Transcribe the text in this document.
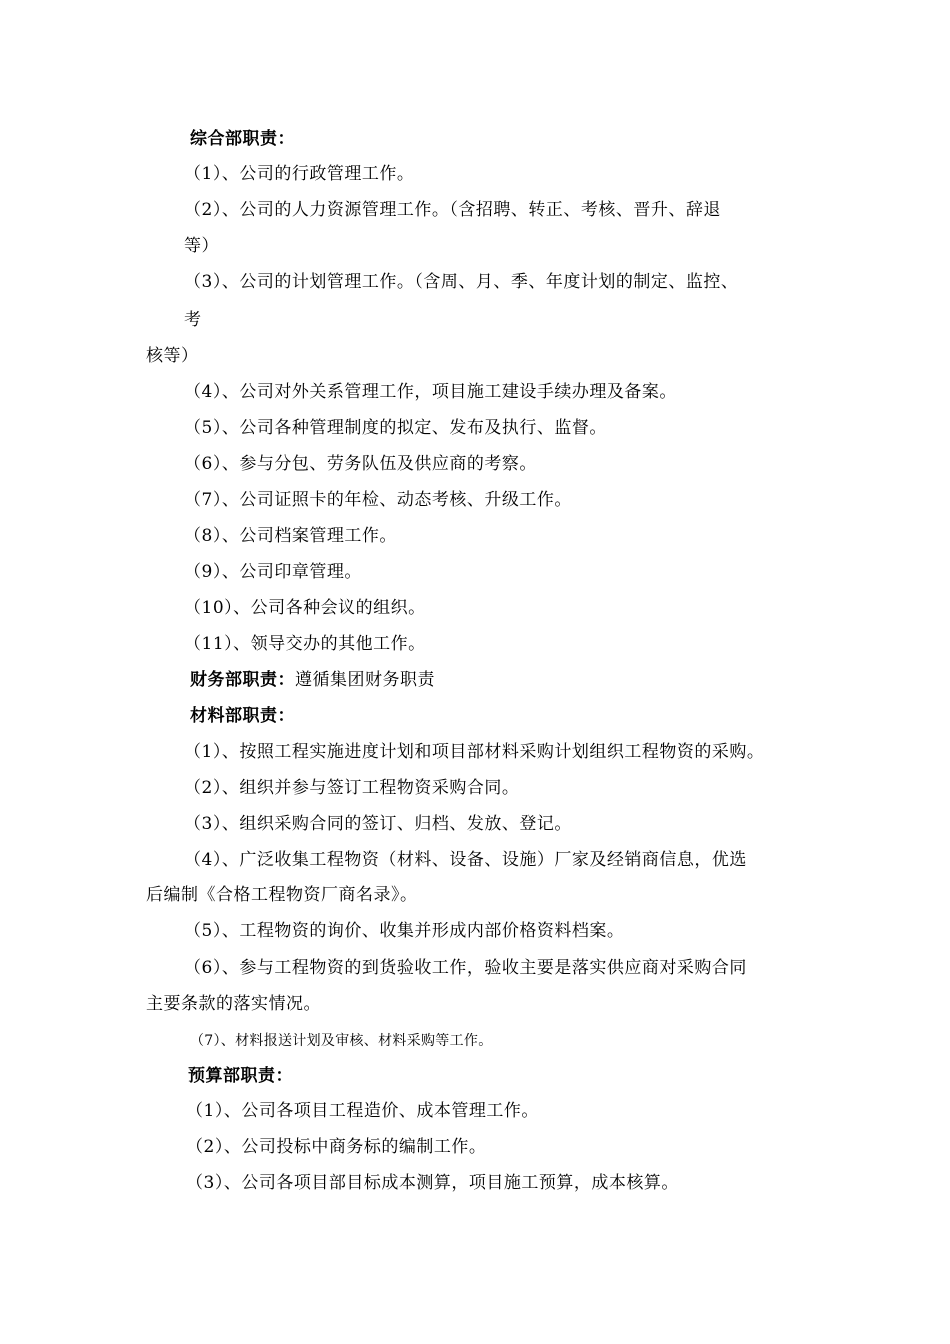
综合部职责：
（1）、公司的行政管理工作。
（2）、公司的人力资源管理工作。（含招聘、转正、考核、晋升、辞退
等）
（3）、公司的计划管理工作。（含周、月、季、年度计划的制定、监控、
考
核等）
（4）、公司对外关系管理工作，项目施工建设手续办理及备案。
（5）、公司各种管理制度的拟定、发布及执行、监督。
（6）、参与分包、劳务队伍及供应商的考察。
（7）、公司证照卡的年检、动态考核、升级工作。
（8）、公司档案管理工作。
（9）、公司印章管理。
（10）、公司各种会议的组织。
（11）、领导交办的其他工作。
财务部职责：遵循集团财务职责
材料部职责：
（1）、按照工程实施进度计划和项目部材料采购计划组织工程物资的采购。
（2）、组织并参与签订工程物资采购合同。
（3）、组织采购合同的签订、归档、发放、登记。
（4）、广泛收集工程物资（材料、设备、设施）厂家及经销商信息，优选
后编制《合格工程物资厂商名录》。
（5）、工程物资的询价、收集并形成内部价格资料档案。
（6）、参与工程物资的到货验收工作，验收主要是落实供应商对采购合同
主要条款的落实情况。
（7）、材料报送计划及审核、材料采购等工作。
预算部职责：
（1）、公司各项目工程造价、成本管理工作。
（2）、公司投标中商务标的编制工作。
（3）、公司各项目部目标成本测算，项目施工预算，成本核算。
